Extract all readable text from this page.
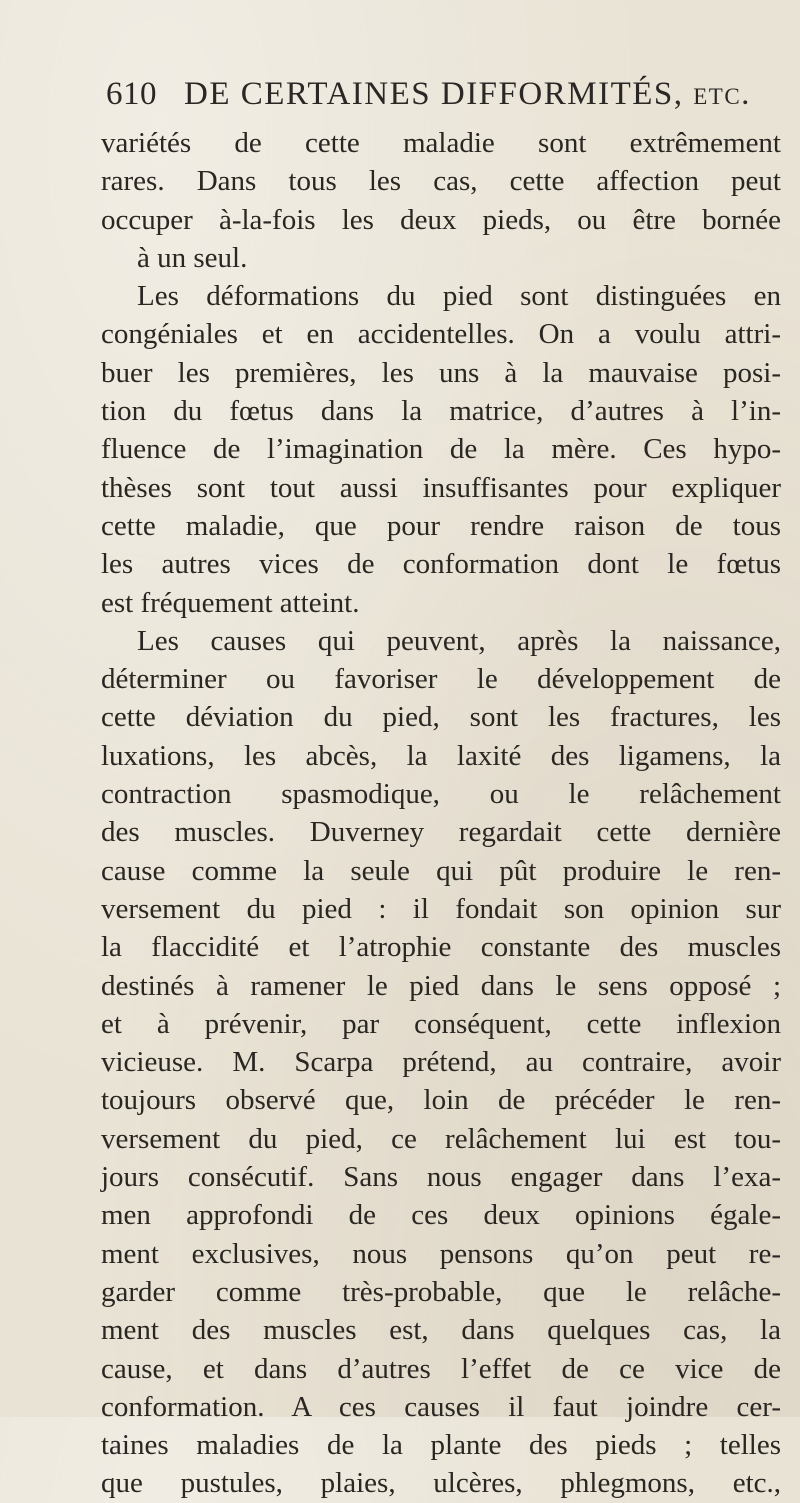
610 DE CERTAINES DIFFORMITÉS, etc.
variétés de cette maladie sont extrêmement
rares. Dans tous les cas, cette affection peut
occuper à-la-fois les deux pieds, ou être bornée
à un seul.
Les déformations du pied sont distinguées en
congéniales et en accidentelles. On a voulu attri-
buer les premières, les uns à la mauvaise posi-
tion du fœtus dans la matrice, d’autres à l’in-
fluence de l’imagination de la mère. Ces hypo-
thèses sont tout aussi insuffisantes pour expliquer
cette maladie, que pour rendre raison de tous
les autres vices de conformation dont le fœtus
est fréquement atteint.
Les causes qui peuvent, après la naissance,
déterminer ou favoriser le développement de
cette déviation du pied, sont les fractures, les
luxations, les abcès, la laxité des ligamens, la
contraction spasmodique, ou le relâchement
des muscles. Duverney regardait cette dernière
cause comme la seule qui pût produire le ren-
versement du pied : il fondait son opinion sur
la flaccidité et l’atrophie constante des muscles
destinés à ramener le pied dans le sens opposé ;
et à prévenir, par conséquent, cette inflexion
vicieuse. M. Scarpa prétend, au contraire, avoir
toujours observé que, loin de précéder le ren-
versement du pied, ce relâchement lui est tou-
jours consécutif. Sans nous engager dans l’exa-
men approfondi de ces deux opinions égale-
ment exclusives, nous pensons qu’on peut re-
garder comme très-probable, que le relâche-
ment des muscles est, dans quelques cas, la
cause, et dans d’autres l’effet de ce vice de
conformation. A ces causes il faut joindre cer-
taines maladies de la plante des pieds ; telles
que pustules, plaies, ulcères, phlegmons, etc.,
